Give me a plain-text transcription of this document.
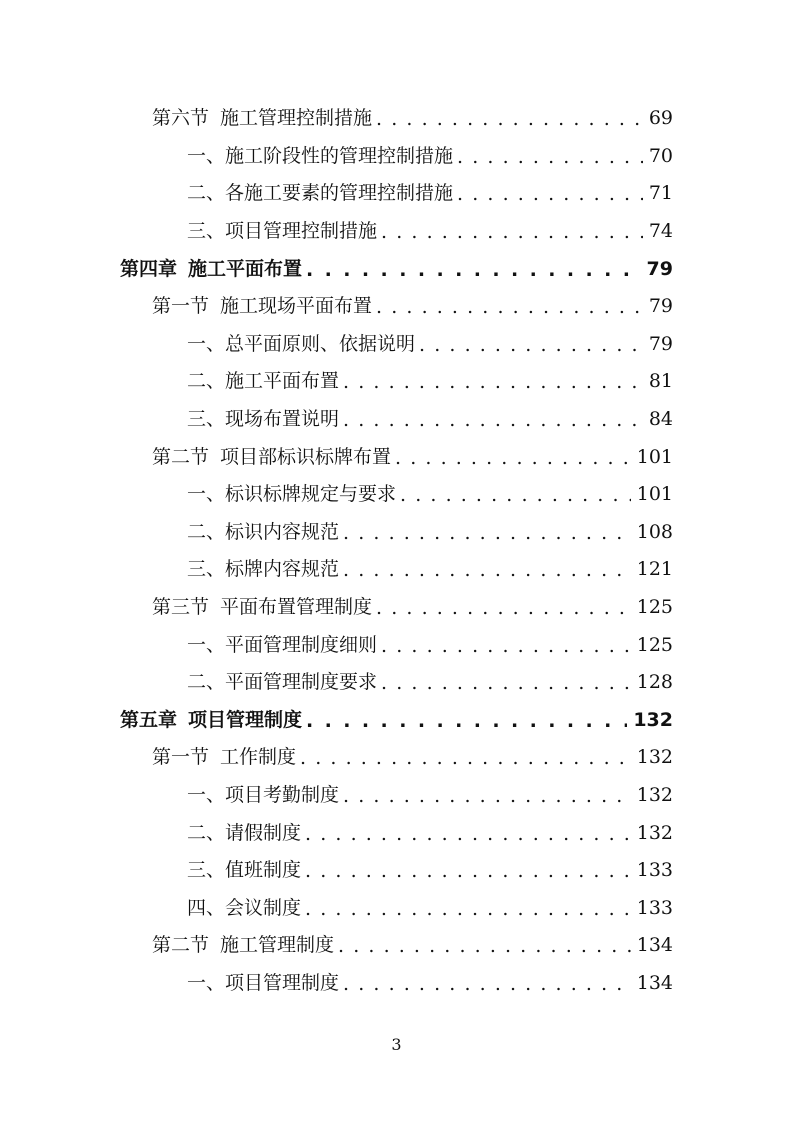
第六节 施工管理控制措施 . . .	69
一、 施工阶段性的管理控制措施 . . .	70
二、 各施工要素的管理控制措施 . . .	71
三、 项目管理控制措施 . . .	74
第四章 施工平面布置 . . .	79
第一节 施工现场平面布置 . . .	79
一、 总平面原则、依据说明 . . .	79
二、 施工平面布置 . . .	81
三、 现场布置说明 . . .	84
第二节 项目部标识标牌布置 . . .	101
一、 标识标牌规定与要求 . . .	101
二、 标识内容规范 . . .	108
三、 标牌内容规范 . . .	121
第三节 平面布置管理制度 . . .	125
一、 平面管理制度细则 . . .	125
二、 平面管理制度要求 . . .	128
第五章 项目管理制度 . . .	132
第一节 工作制度 . . .	132
一、 项目考勤制度 . . .	132
二、 请假制度 . . .	132
三、 值班制度 . . .	133
四、 会议制度 . . .	133
第二节 施工管理制度 . . .	134
一、 项目管理制度 . . .	134
3
